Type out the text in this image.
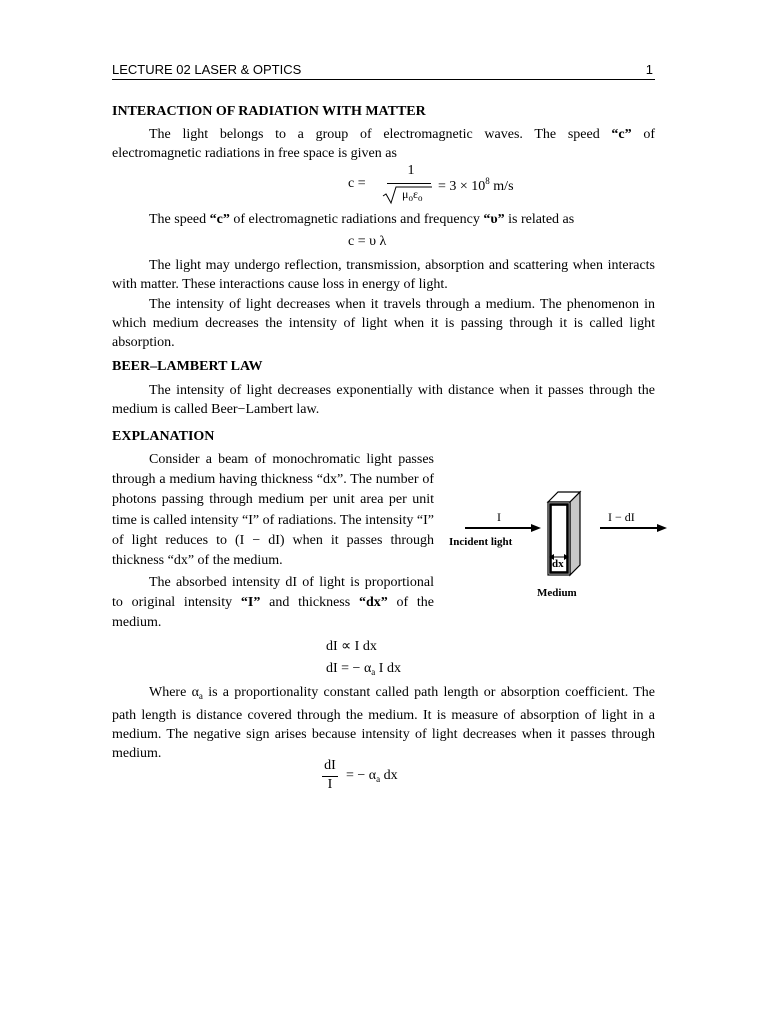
LECTURE 02 LASER & OPTICS	1
INTERACTION OF RADIATION WITH MATTER
The light belongs to a group of electromagnetic waves. The speed “c” of
electromagnetic radiations in free space is given as
c =
1
$\mu_o\varepsilon_o$
= $3 \times 10^8$ m/s
The speed “c” of electromagnetic radiations and frequency “υ” is related as
c = υ λ
The light may undergo reflection, transmission, absorption and scattering when interacts with matter. These interactions cause loss in energy of light.
The intensity of light decreases when it travels through a medium. The phenomenon in which medium decreases the intensity of light when it is passing through it is called light absorption.
BEER–LAMBERT LAW
The intensity of light decreases exponentially with distance when it passes through the medium is called Beer−Lambert law.
EXPLANATION
Consider a beam of monochromatic light passes through a medium having thickness “dx”. The number of photons passing through medium per unit area per unit time is called intensity “I” of radiations. The intensity “I” of light reduces to (I − dI) when it passes through thickness “dx” of the medium.
The absorbed intensity dI of light is proportional to original intensity “I” and thickness “dx” of the medium.
dI ∝ I dx
dI = − $\alpha_a$ I dx
Where $\alpha_a$ is a proportionality constant called path length or absorption coefficient. The path length is distance covered through the medium. It is measure of absorption of light in a medium. The negative sign arises because intensity of light decreases when it passes through medium.
dI
I
= − $\alpha_a$ dx
I	I − dI
Incident light
dx
Medium
